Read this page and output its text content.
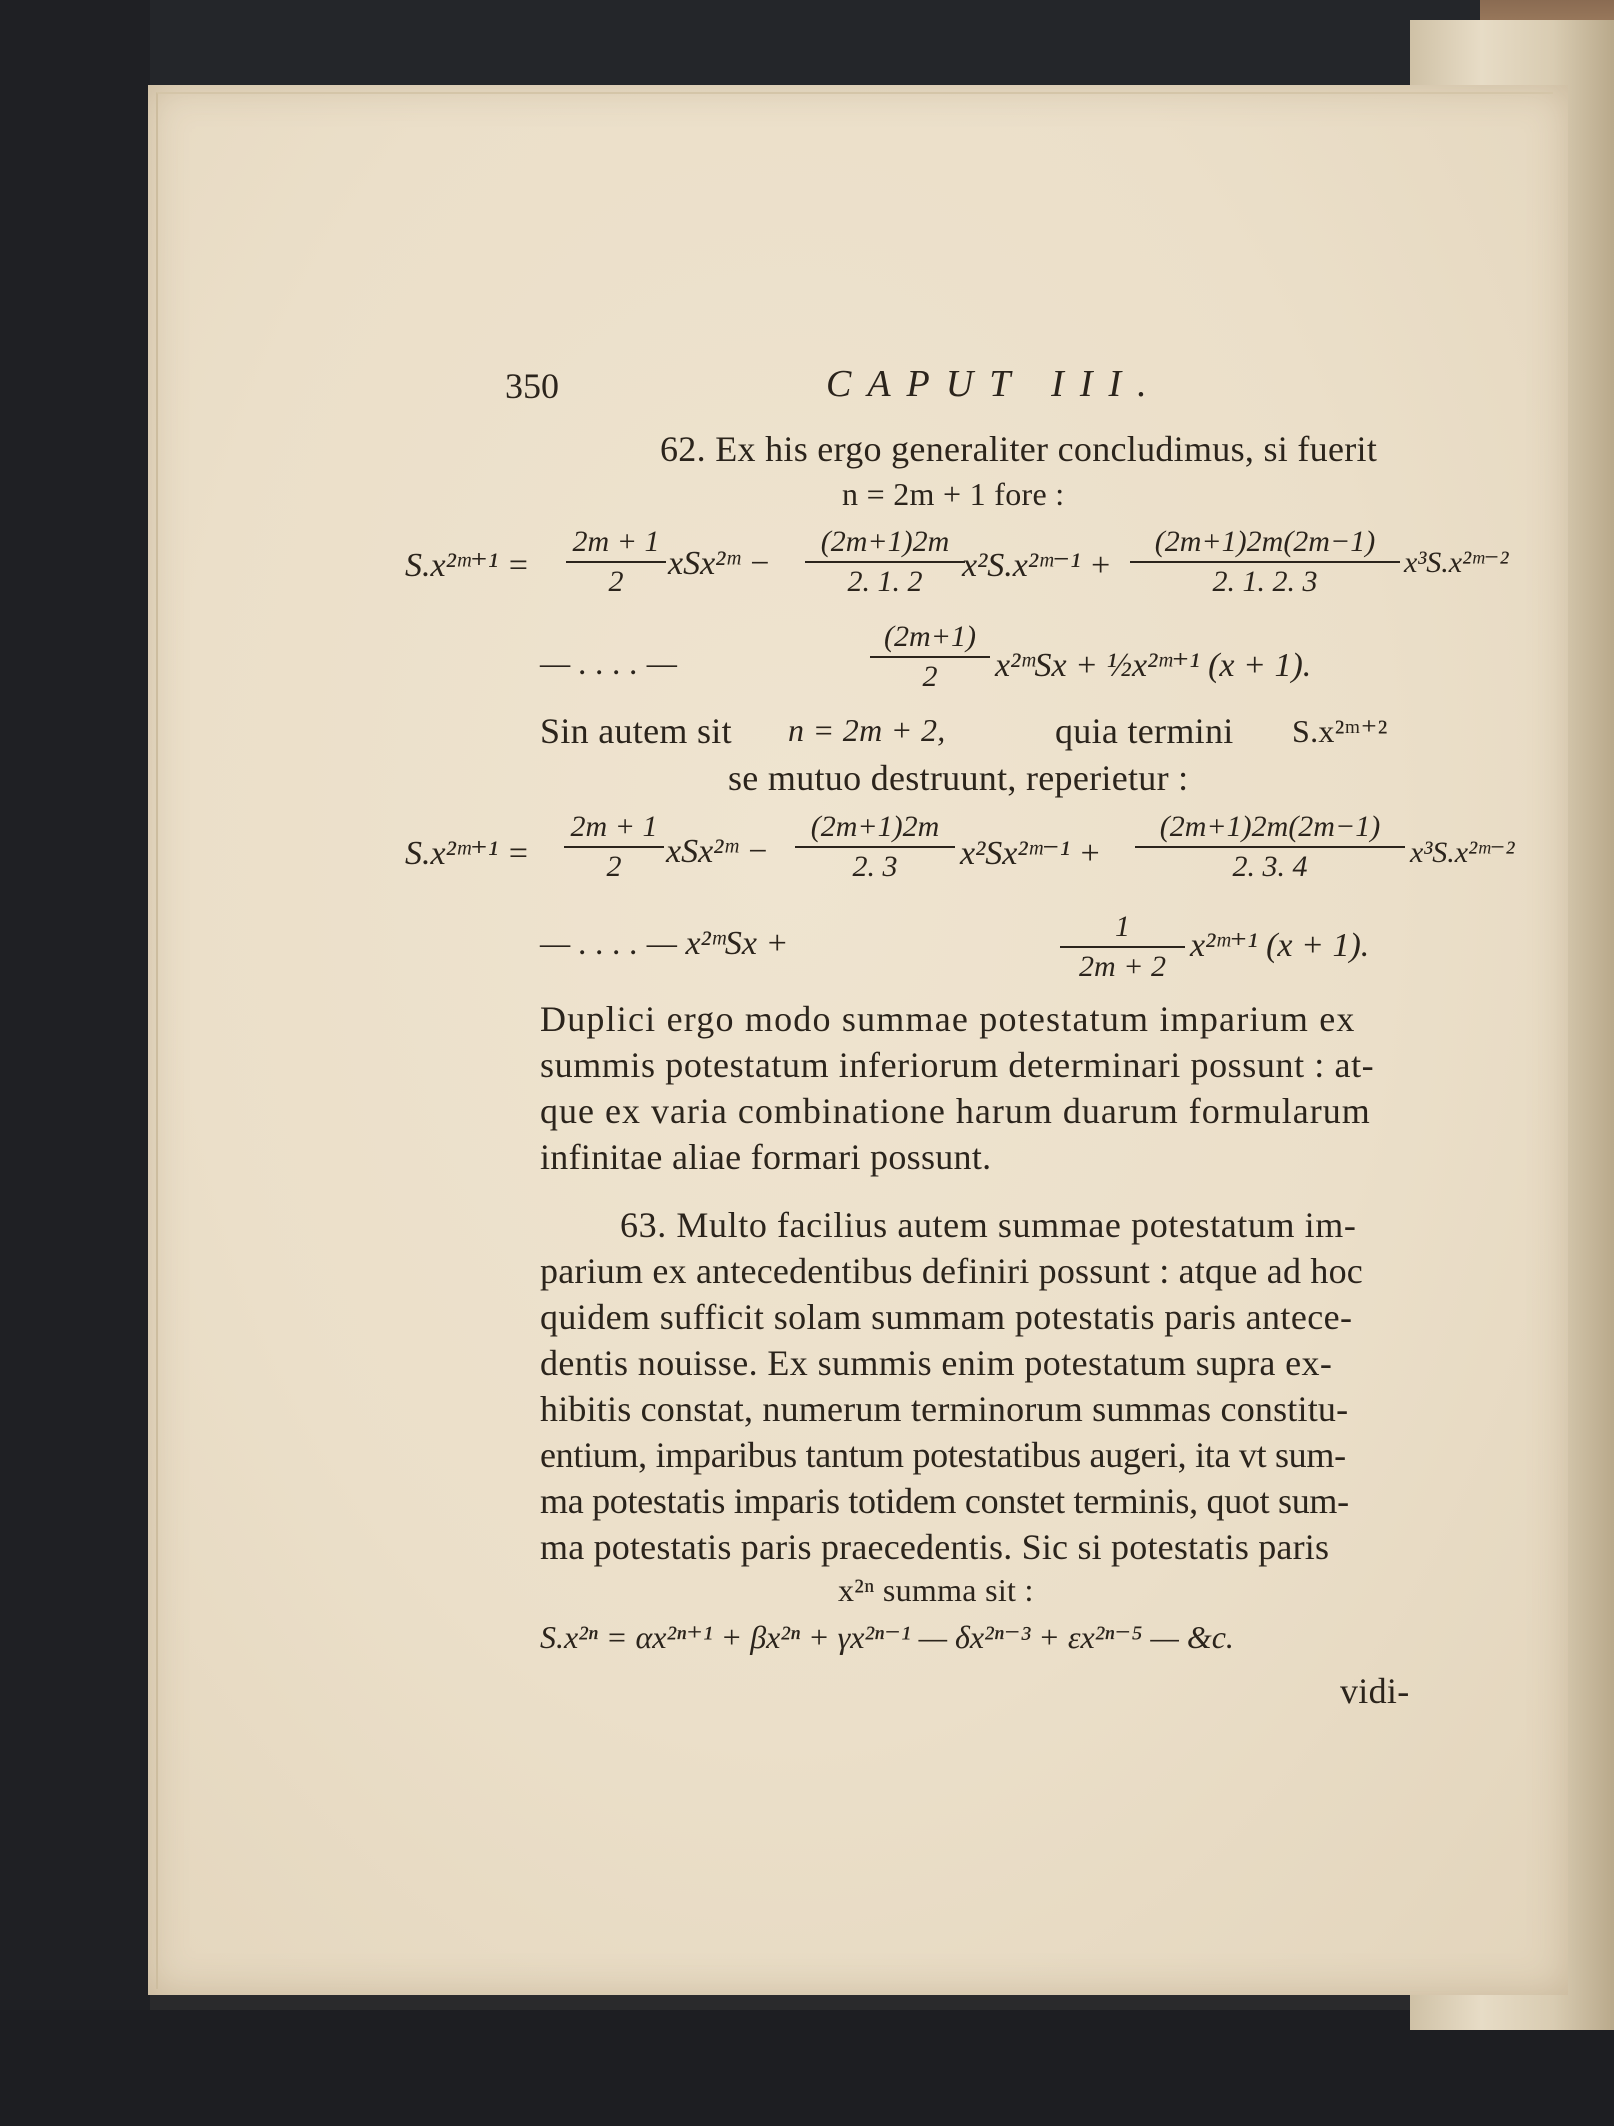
350	CAPUT III.
62. Ex his ergo generaliter concludimus, si fuerit
n = 2m + 1 fore :
S.x²ᵐ⁺¹ = $\frac{2m + 1}{2}$ xSx²ᵐ − $\frac{(2m+1)2m}{2. 1. 2}$
x²S.x²ᵐ⁻¹ + $\frac{(2m+1)2m(2m-1)}{2. 1. 2. 3}$ x³S.x²ᵐ⁻²
— . . . . —	$\frac{(2m+1)}{2}$ x²ᵐSx + ½x²ᵐ⁺¹ (x + 1).
Sin autem sit n = 2m + 2,	quia termini S.x²ᵐ⁺²
se mutuo destruunt, reperietur :
S.x²ᵐ⁺¹ = $\frac{2m + 1}{2}$ xSx²ᵐ − $\frac{(2m+1)2m}{2. 3}$ x²Sx²ᵐ⁻¹ + $\frac{(2m+1)2m(2m-1)}{2. 3. 4}$ x³S.x²ᵐ⁻²
— . . . . — x²ᵐSx +	$\frac{1}{2m + 2}$ x²ᵐ⁺¹ (x + 1).
Duplici ergo modo summae potestatum imparium ex
summis potestatum inferiorum determinari possunt : at-
que ex varia combinatione harum duarum formularum
infinitae aliae formari possunt.
63. Multo facilius autem summae potestatum im-
parium ex antecedentibus definiri possunt : atque ad hoc
quidem sufficit solam summam potestatis paris antece-
dentis nouisse. Ex summis enim potestatum supra ex-
hibitis constat, numerum terminorum summas constitu-
entium, imparibus tantum potestatibus augeri, ita vt sum-
ma potestatis imparis totidem constet terminis, quot sum-
ma potestatis paris praecedentis. Sic si potestatis paris
x²ⁿ summa sit :
S.x²ⁿ = αx²ⁿ⁺¹ + βx²ⁿ + γx²ⁿ⁻¹ — δx²ⁿ⁻³ + εx²ⁿ⁻⁵ — &c.
vidi-
